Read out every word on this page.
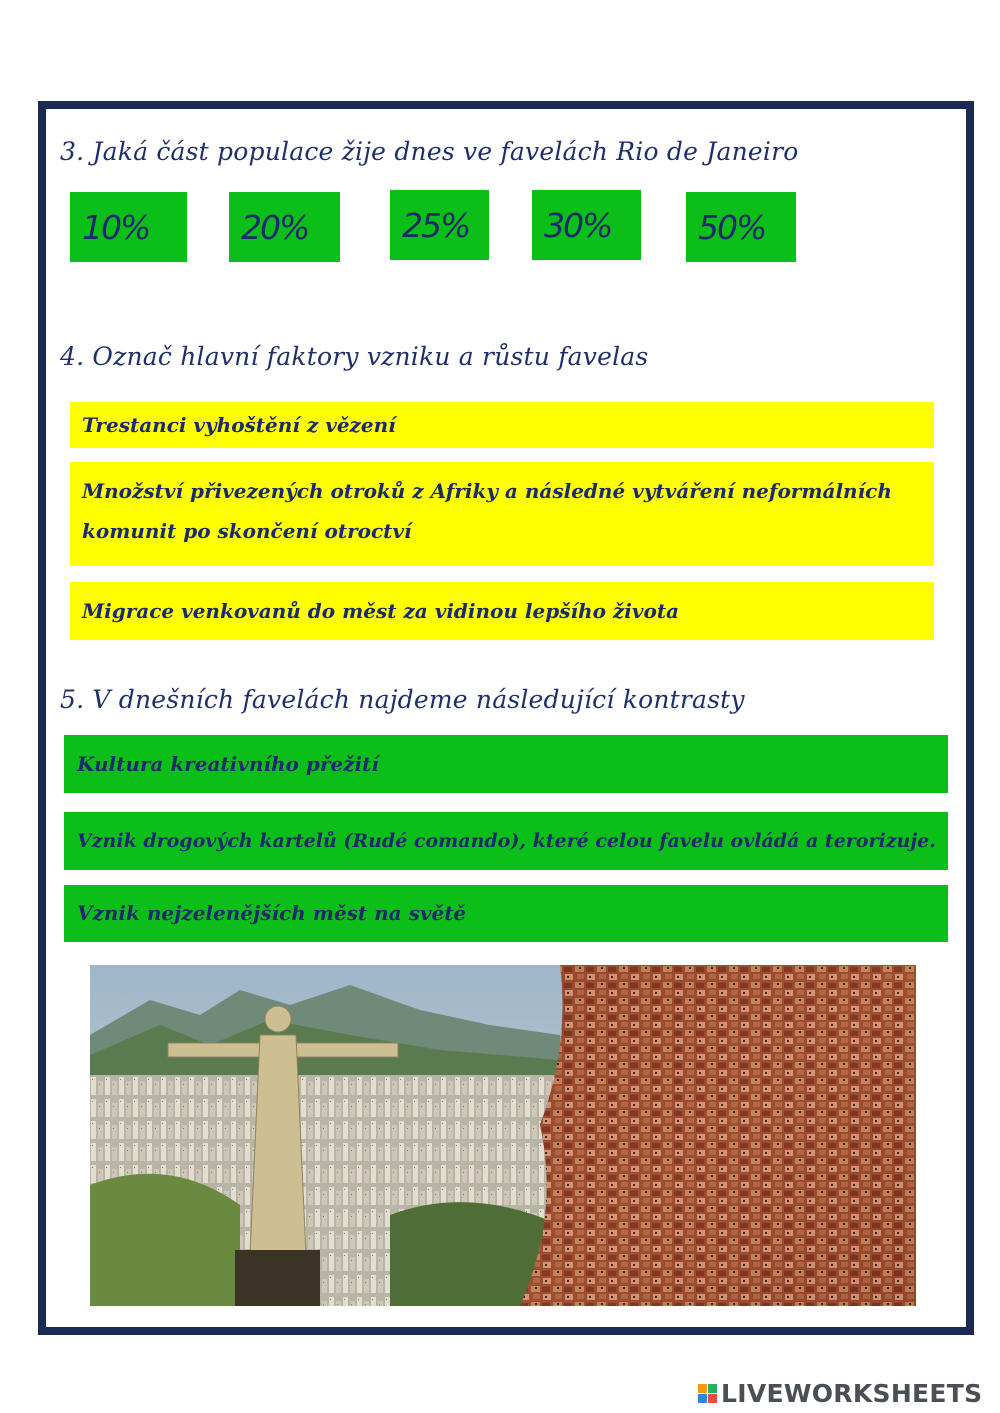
3. Jaká část populace žije dnes ve favelách Rio de Janeiro
10%	20%	25%	30%	50%
4. Označ hlavní faktory vzniku a růstu favelas
Trestanci vyhoštění z vězení
Množství přivezených otroků z Afriky a následné vytváření neformálních
komunit po skončení otroctví
Migrace venkovanů do měst za vidinou lepšího života
5. V dnešních favelách najdeme následující kontrasty
Kultura kreativního přežití
Vznik drogových kartelů (Rudé comando), které celou favelu ovládá a terorizuje.
Vznik nejzelenějších měst na světě
LIVEWORKSHEETS
